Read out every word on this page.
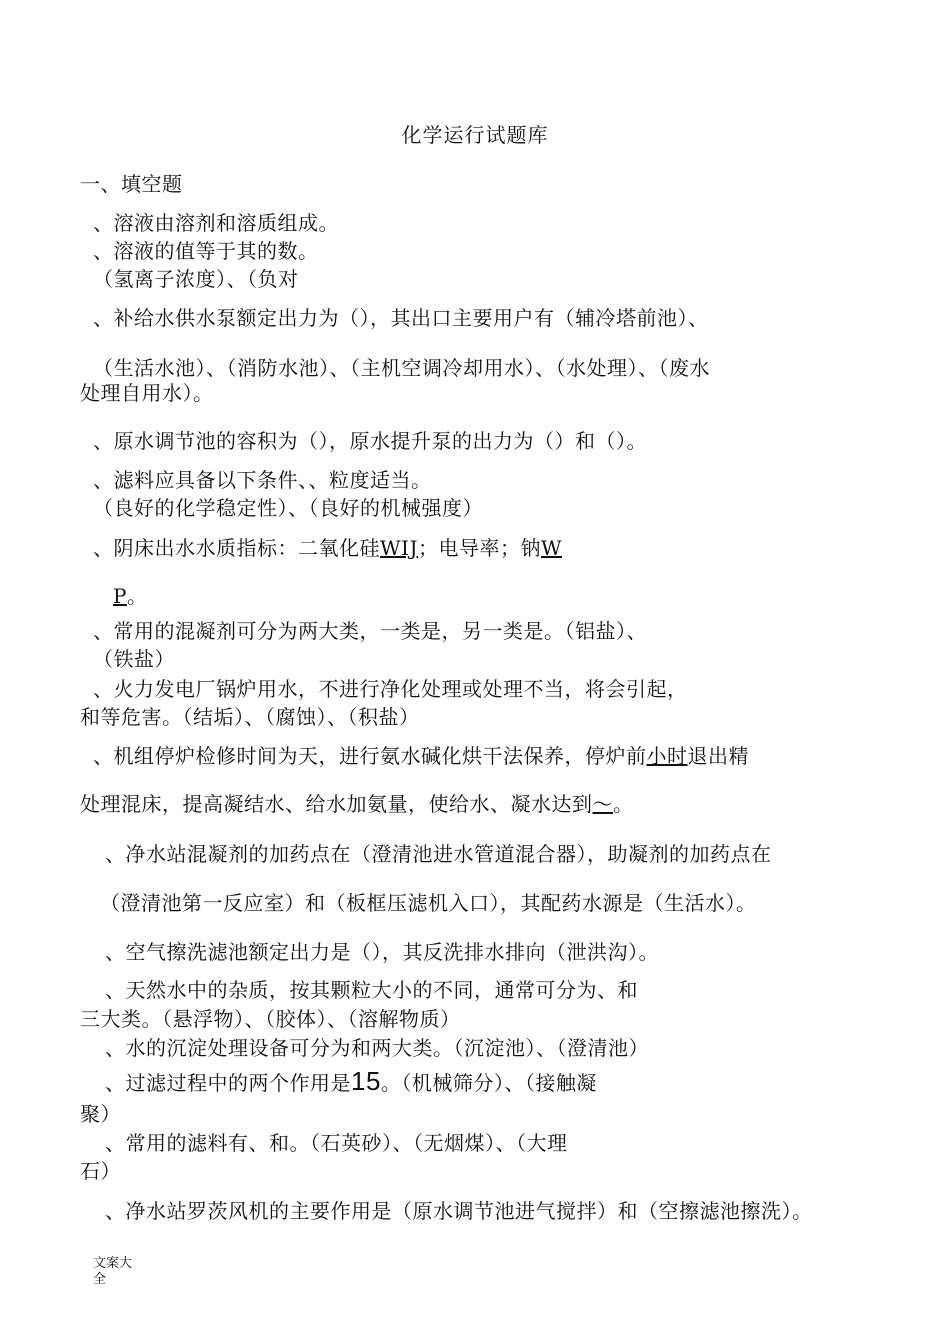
化学运行试题库
一、填空题
、溶液由溶剂和溶质组成。
、溶液的值等于其的数。
（氢离子浓度）、（负对
、补给水供水泵额定出力为（），其出口主要用户有（辅冷塔前池）、
（生活水池）、（消防水池）、（主机空调冷却用水）、（水处理）、（废水
处理自用水）。
、原水调节池的容积为（），原水提升泵的出力为（）和（）。
、滤料应具备以下条件、、粒度适当。
（良好的化学稳定性）、（良好的机械强度）
、阴床出水水质指标：二氧化硅WIJ；电导率；钠W
P。
、常用的混凝剂可分为两大类，一类是，另一类是。（铝盐）、
（铁盐）
、火力发电厂锅炉用水，不进行净化处理或处理不当，将会引起，
和等危害。（结垢）、（腐蚀）、（积盐）
、机组停炉检修时间为天，进行氨水碱化烘干法保养，停炉前小时退出精
处理混床，提高凝结水、给水加氨量，使给水、凝水达到〜。
、净水站混凝剂的加药点在（澄清池进水管道混合器），助凝剂的加药点在
（澄清池第一反应室）和（板框压滤机入口），其配药水源是（生活水）。
、空气擦洗滤池额定出力是（），其反洗排水排向（泄洪沟）。
、天然水中的杂质，按其颗粒大小的不同，通常可分为、和
三大类。（悬浮物）、（胶体）、（溶解物质）
、水的沉淀处理设备可分为和两大类。（沉淀池）、（澄清池）
、过滤过程中的两个作用是15。（机械筛分）、（接触凝
聚）
、常用的滤料有、和。（石英砂）、（无烟煤）、（大理
石）
、净水站罗茨风机的主要作用是（原水调节池进气搅拌）和（空擦滤池擦洗）。
文案大全
